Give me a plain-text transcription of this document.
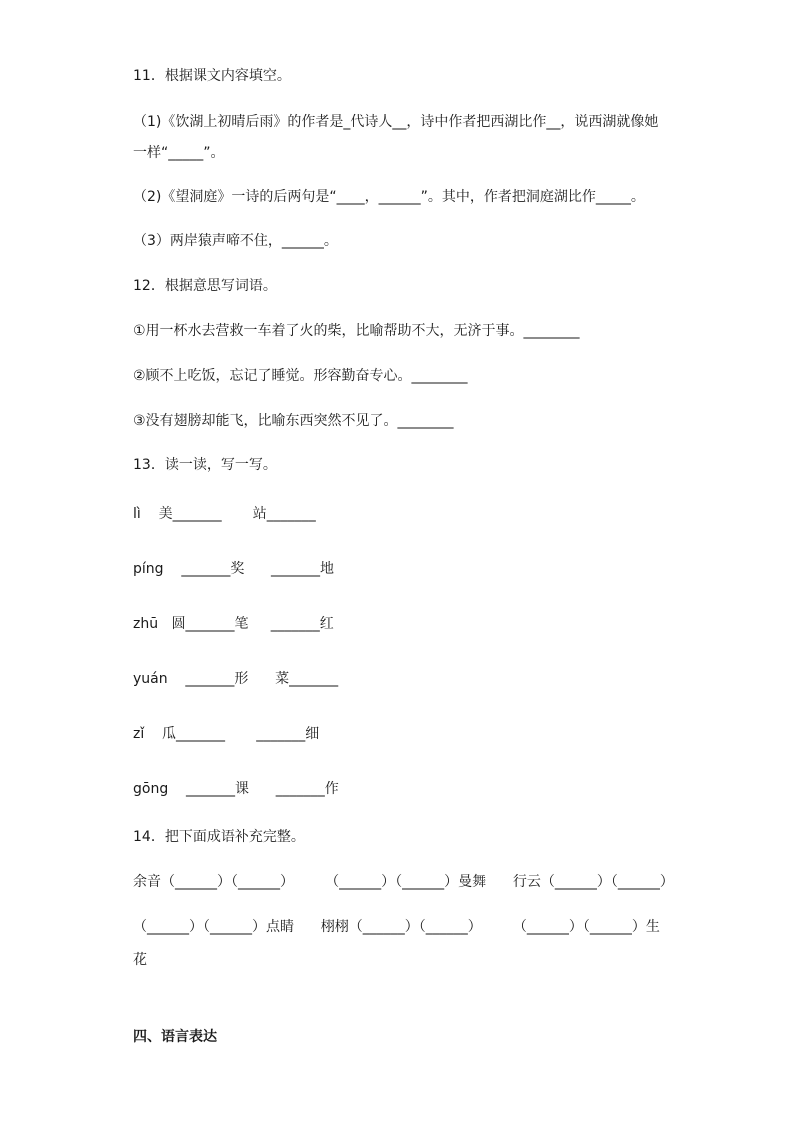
11．根据课文内容填空。
（1)《饮湖上初晴后雨》的作者是_代诗人__，诗中作者把西湖比作__，说西湖就像她
一样“_____”。
（2)《望洞庭》一诗的后两句是“____，______”。其中，作者把洞庭湖比作_____。
（3）两岸猿声啼不住，______。
12．根据意思写词语。
①用一杯水去营救一车着了火的柴，比喻帮助不大，无济于事。________
②顾不上吃饭，忘记了睡觉。形容勤奋专心。________
③没有翅膀却能飞，比喻东西突然不见了。________
13．读一读，写一写。
lì    美_______       站_______
píng    _______奖      _______地
zhū   圆_______笔     _______红
yuán    _______形      菜_______
zǐ    瓜_______       _______细
gōng    _______课      _______作
14．把下面成语补充完整。
余音（______）（______）       （______）（______）曼舞      行云（______）（______）
（______）（______）点睛      栩栩（______）（______）       （______）（______）生
花
四、语言表达
